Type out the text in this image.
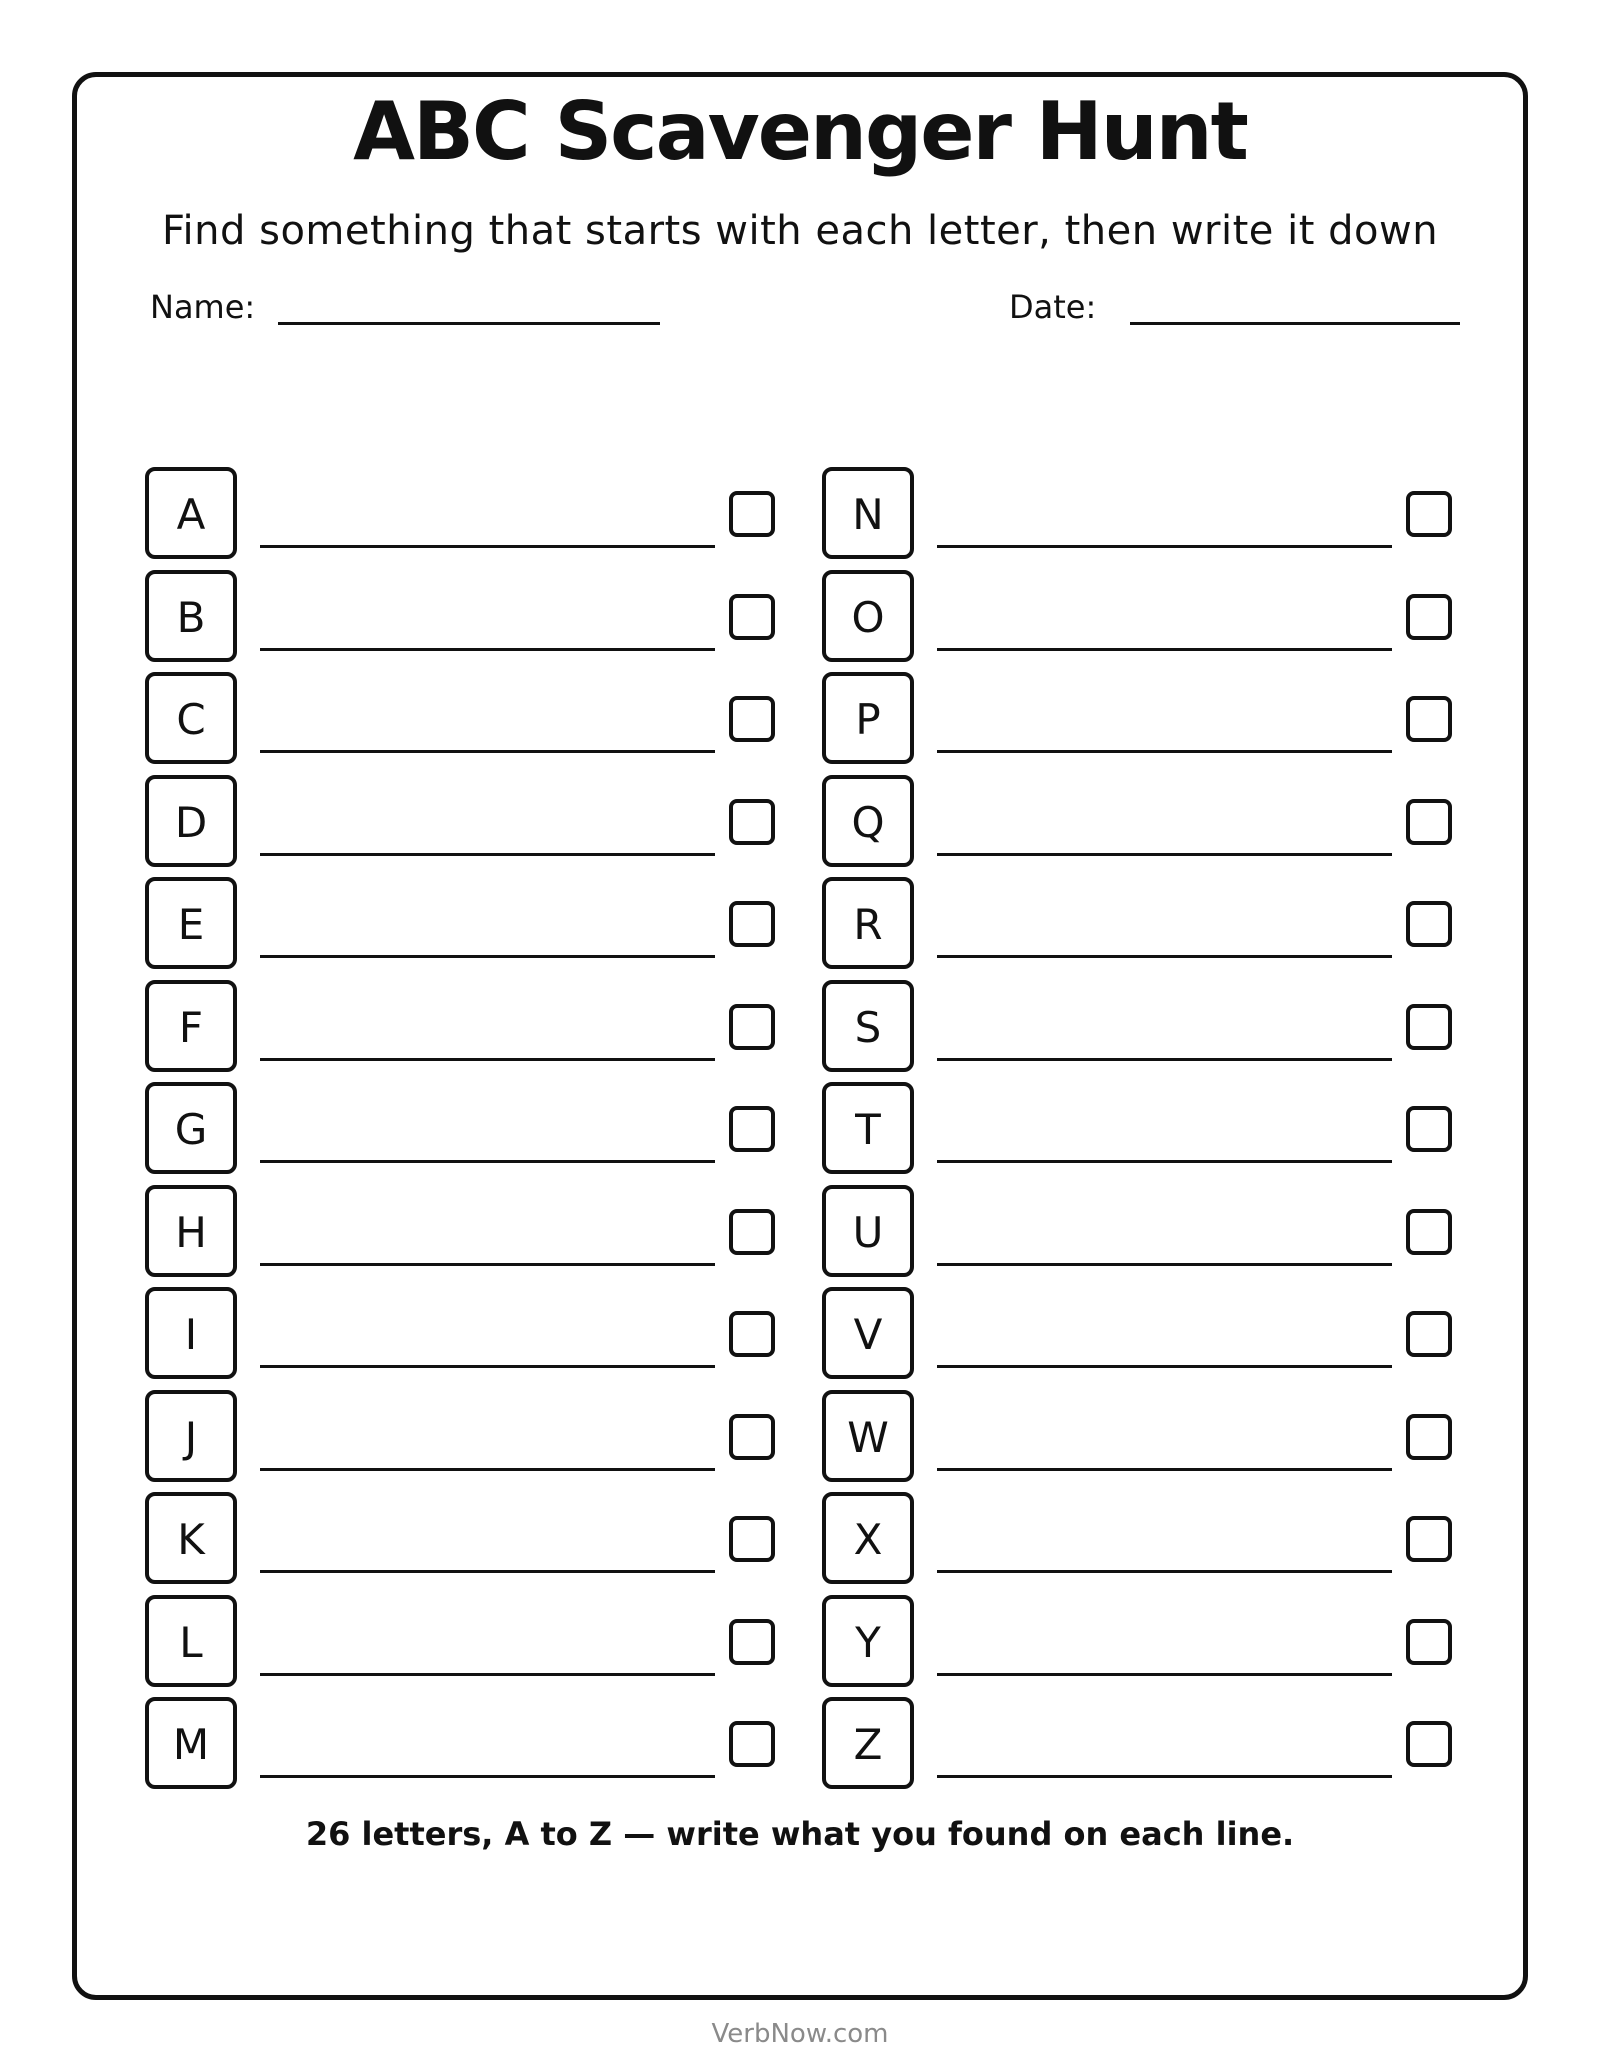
ABC Scavenger Hunt
Find something that starts with each letter, then write it down
Name:	Date:
A
B
C
D
E
F
G
H
I
J
K
L
M
N
O
P
Q
R
S
T
U
V
W
X
Y
Z
26 letters, A to Z — write what you found on each line.
VerbNow.com
